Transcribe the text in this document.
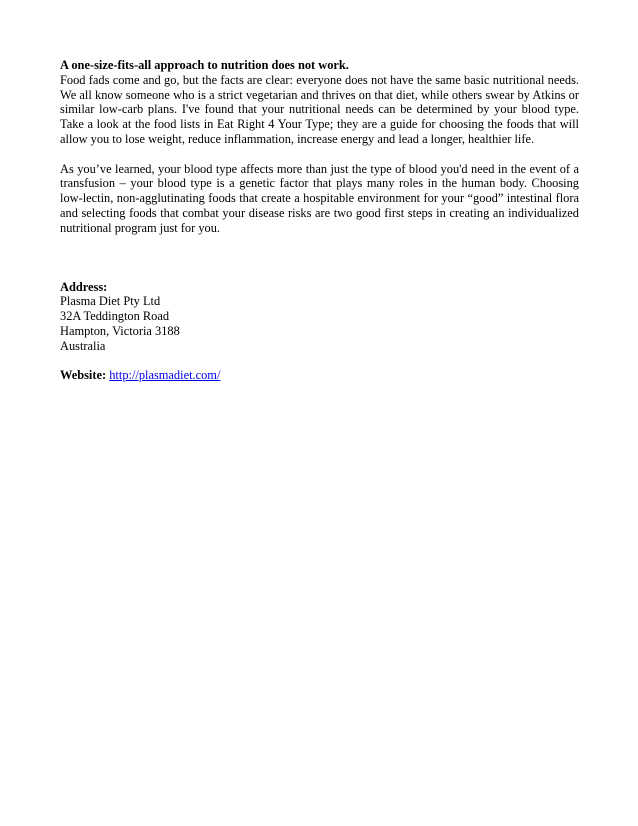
A one-size-fits-all approach to nutrition does not work.

Food fads come and go, but the facts are clear: everyone does not have the same basic nutritional needs. We all know someone who is a strict vegetarian and thrives on that diet, while others swear by Atkins or similar low-carb plans. I've found that your nutritional needs can be determined by your blood type. Take a look at the food lists in Eat Right 4 Your Type; they are a guide for choosing the foods that will allow you to lose weight, reduce inflammation, increase energy and lead a longer, healthier life.

As you’ve learned, your blood type affects more than just the type of blood you'd need in the event of a transfusion – your blood type is a genetic factor that plays many roles in the human body. Choosing low-lectin, non-agglutinating foods that create a hospitable environment for your “good” intestinal flora and selecting foods that combat your disease risks are two good first steps in creating an individualized nutritional program just for you.

Address:

Plasma Diet Pty Ltd

32A Teddington Road

Hampton, Victoria 3188

Australia

Website: http://plasmadiet.com/
